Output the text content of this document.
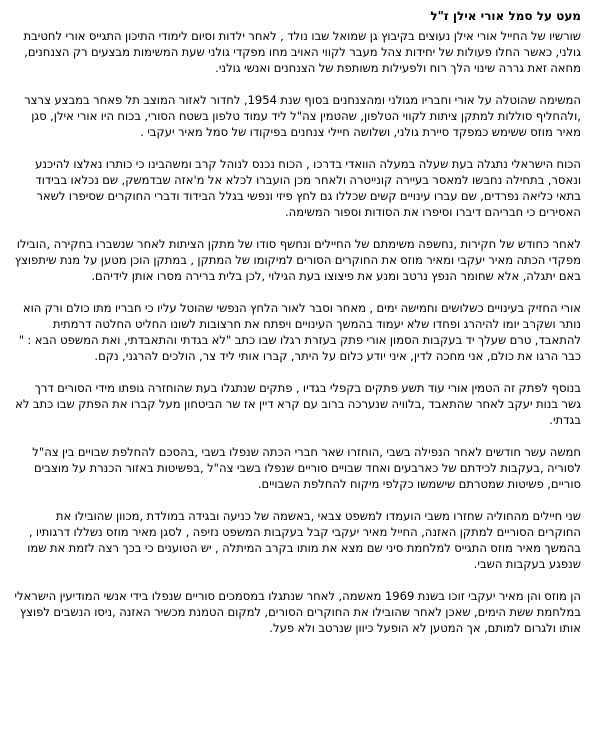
מעט על סמל אורי אילן ז"ל

שורשיו של החייל אורי אילן נעוצים בקיבוץ גן שמואל שבו נולד , לאחר ילדות וסיום לימודי התיכון התגייס אורי לחטיבת גולני, כאשר החלו פעולות של יחידות צהל מעבר לקווי האויב מחו מפקדי גולני שעת המשימות מבצעים רק הצנחנים, מחאה זאת גררה שינוי הלך רוח ולפעילות משותפת של הצנחנים ואנשי גולני.

המשימה שהוטלה על אורי וחבריו מגולני ומהצנחנים בסוף שנת 1954, לחדור לאזור המוצב תל פאחר במבצע צרצר ,ולהחליף סוללות למתקן ציתות לקווי הטלפון, שהטמין צה"ל ליד עמוד טלפון בשטח הסורי, בכוח היו אורי אילן, סגן מאיר מוזס ששימש כמפקד סיירת גולני, ושלושה חיילי צנחנים בפיקודו של סמל מאיר יעקבי .

הכוח הישראלי נתגלה בעת שעלה במעלה הוואדי בדרכו , הכוח נכנס לנוהל קרב ומשהבינו כי כותרו נאלצו להיכנע ונאסר, בתחילה נחבשו למאסר בעיירה קונייטרה ולאחר מכן הועברו לכלא אל מ'אזה שבדמשק, שם נכלאו בבידוד בתאי כליאה נפרדים, שם עברו עינויים קשים שכללו גם לחץ פיזי ונפשי בגלל הבידוד ודברי החוקרים שסיפרו לשאר האסירים כי חבריהם דיברו וסיפרו את הסודות וספור המשימה.

לאחר כחודש של חקירות ,נחשפה משימתם של החיילים ונחשף סודו של מתקן הציתות לאחר שנשברו בחקירה ,הובילו מפקדי הכתה מאיר יעקבי ומאיר מוזס את החוקרים הסורים למיקומו של המתקן , במתקן הוכן מטען על מנת שיתפוצץ באם יתגלה, אלא שחומר הנפץ נרטב ומנע את פיצוצו בעת הגילוי ,לכן בלית ברירה מסרו אותן לידיהם.

אורי החזיק בעינויים כשלושים וחמישה ימים , מאחר וסבר לאור הלחץ הנפשי שהוטל עליו כי חבריו מתו כולם ורק הוא נותר ושקרב יומו להיהרג ופחדו שלא יעמוד בהמשך העינויים ויפתח את חרצובות לשונו החליט החלטה דרמתית להתאבד, טרם שעלך יד בעקבות הסמון אורי פתק בעזרת רגלו שבו כתב "לא בגדתי והתאבדתי, ואת המשפט הבא : " כבר הרגו את כולם, אני מחכה לדין, איני יודע כלום על היתר, קברו אותי ליד צר, הולכים להרגני, נקם.

בנוסף לפתק זה הטמין אורי עוד תשע פתקים בקפלי בגדיו , פתקים שנתגלו בעת שהוחזרה גופתו מידי הסורים דרך גשר בנות יעקב לאחר שהתאבד ,בלוויה שנערכה ברוב עם קרא דיין אז שר הביטחון מעל קברו את הפתק שבו כתב לא בגדתי.

חמשה עשר חודשים לאחר הנפילה בשבי ,הוחזרו שאר חברי הכתה שנפלו בשבי ,בהסכם להחלפת שבויים בין צה"ל לסוריה ,בעקבות לכידתם של כארבעים ואחד שבויים סוריים שנפלו בשבי צה"ל ,בפשיטות באזור הכנרת על מוצבים סוריים, פשיטות שמטרתם שישמשו כקלפי מיקוח להחלפת השבויים.

שני חיילים מהחוליה שחזרו משבי הועמדו למשפט צבאי ,באשמה של כניעה ובגידה במולדת ,מכוון שהובילו את החוקרים הסוריים למתקן האזנה, החייל מאיר יעקבי קבל בעקבות המשפט נזיפה , לסגן מאיר מוזס נשללו דרגותיו , בהמשך מאיר מוזס התגייס למלחמת סיני שם מצא את מותו בקרב המיתלה , יש הטוענים כי בכך רצה לזמת את שמו שנפגע בעקבות השבי.

הן מוזס והן מאיר יעקבי זוכו בשנת 1969 מאשמה, לאחר שנתגלו במסמכים סוריים שנפלו בידי אנשי המודיעין הישראלי במלחמת ששת הימים, שאכן לאחר שהובילו את החוקרים הסורים, למקום הטמנת מכשיר האזנה ,ניסו הנשבים לפוצץ אותו ולגרום למותם, אך המטען לא הופעל כיוון שנרטב ולא פעל.
